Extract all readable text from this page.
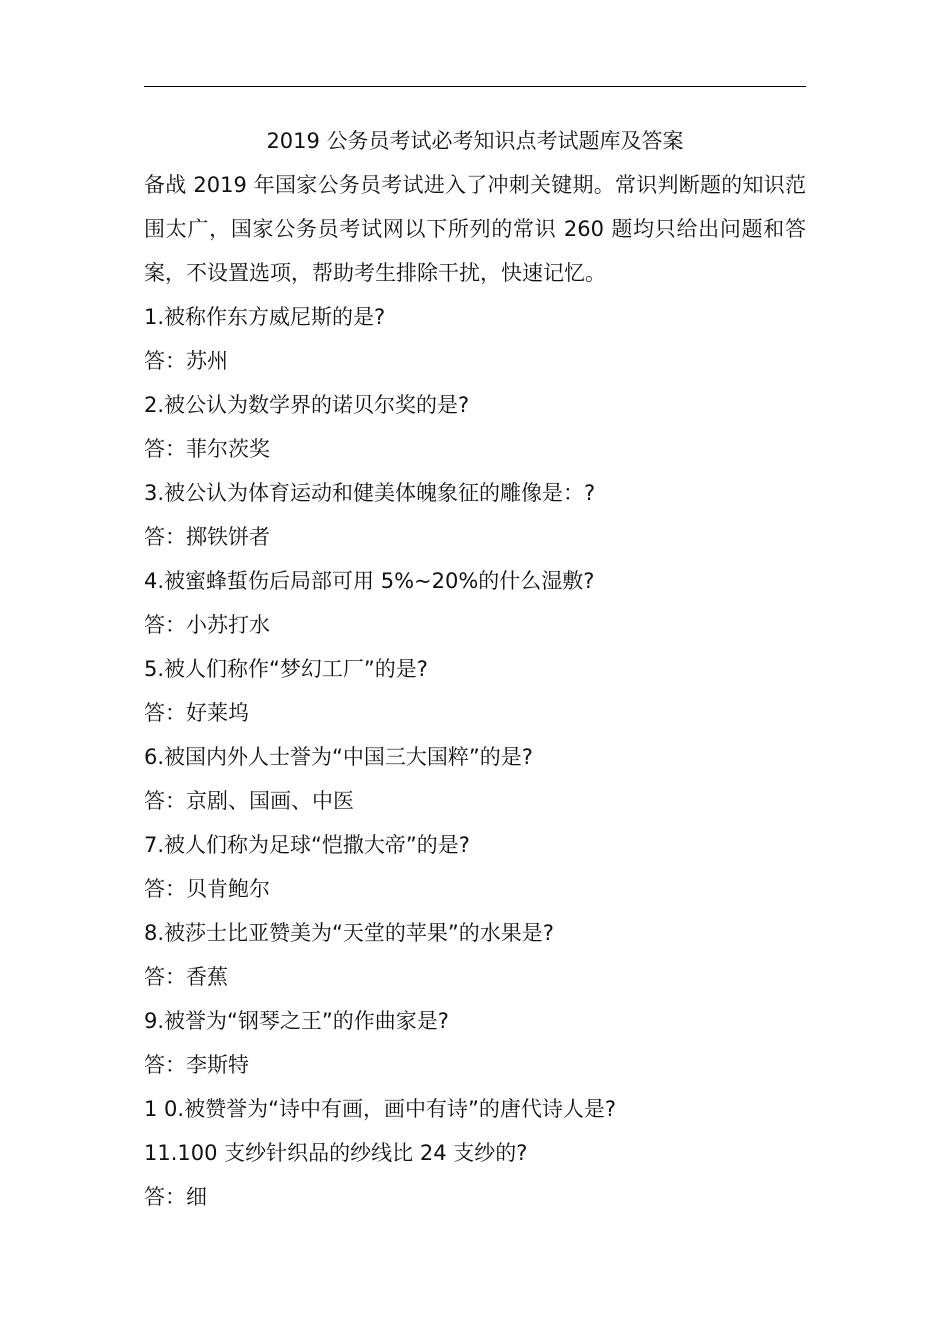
2019 公务员考试必考知识点考试题库及答案

备战 2019 年国家公务员考试进入了冲刺关键期。常识判断题的知识范围太广，国家公务员考试网以下所列的常识 260 题均只给出问题和答案，不设置选项，帮助考生排除干扰，快速记忆。

1.被称作东方威尼斯的是?

答：苏州

2.被公认为数学界的诺贝尔奖的是?

答：菲尔茨奖

3.被公认为体育运动和健美体魄象征的雕像是：?

答：掷铁饼者

4.被蜜蜂蜇伤后局部可用 5%~20%的什么湿敷?

答：小苏打水

5.被人们称作“梦幻工厂”的是?

答：好莱坞

6.被国内外人士誉为“中国三大国粹”的是?

答：京剧、国画、中医

7.被人们称为足球“恺撒大帝”的是?

答：贝肯鲍尔

8.被莎士比亚赞美为“天堂的苹果”的水果是?

答：香蕉

9.被誉为“钢琴之王”的作曲家是?

答：李斯特

1 0.被赞誉为“诗中有画，画中有诗”的唐代诗人是?

11.100 支纱针织品的纱线比 24 支纱的?

答：细
